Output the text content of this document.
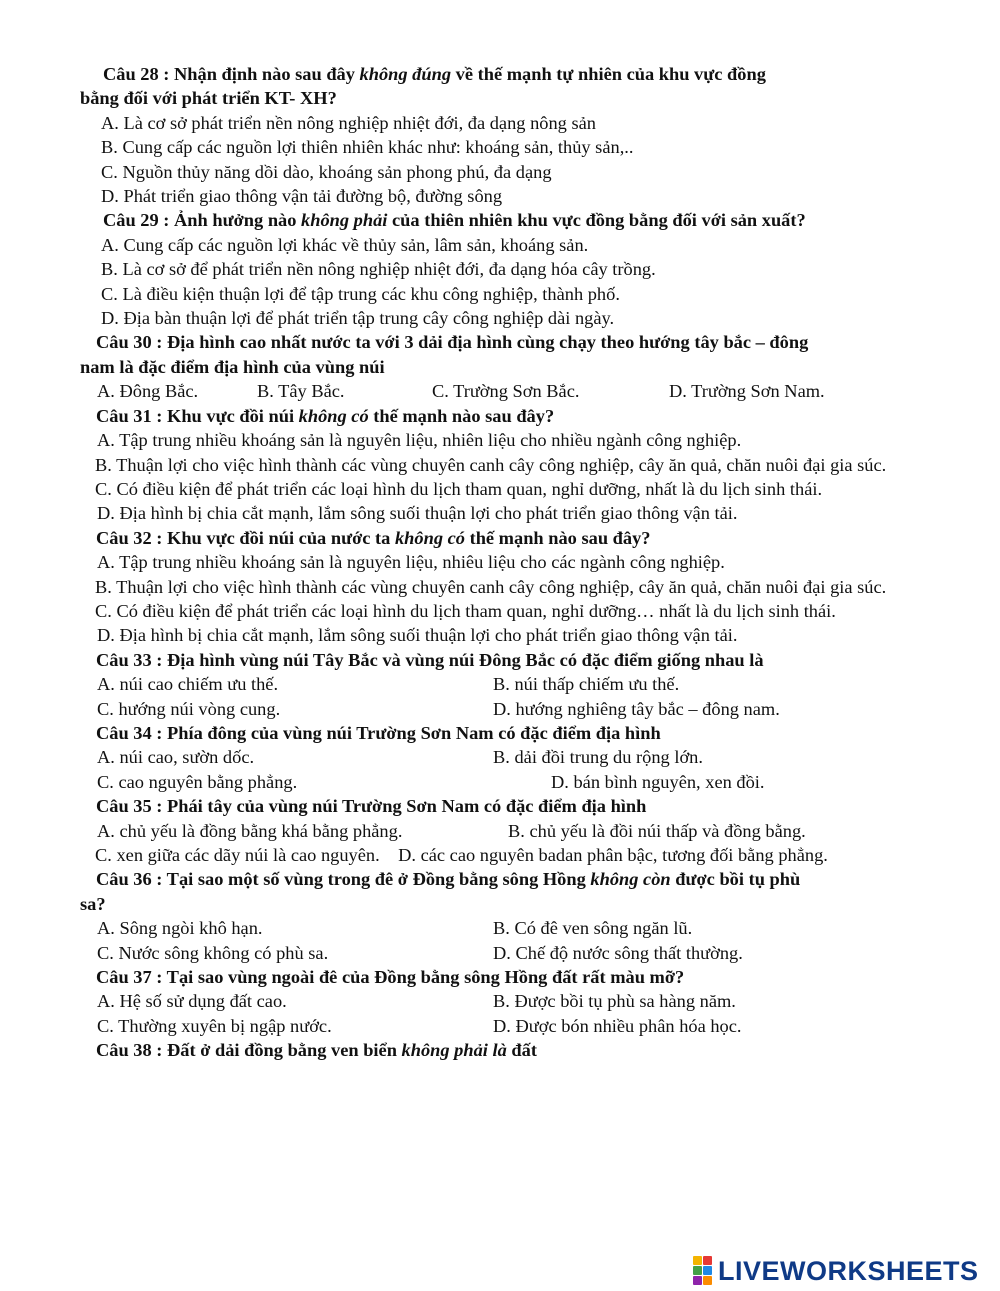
Câu 28 : Nhận định nào sau đây không đúng về thế mạnh tự nhiên của khu vực đồng
bằng đối với phát triển KT- XH?
A. Là cơ sở phát triển nền nông nghiệp nhiệt đới, đa dạng nông sản
B. Cung cấp các nguồn lợi thiên nhiên khác như: khoáng sản, thủy sản,..
C. Nguồn thủy năng dồi dào, khoáng sản phong phú, đa dạng
D. Phát triển giao thông vận tải đường bộ, đường sông
Câu 29 : Ảnh hưởng nào không phải của thiên nhiên khu vực đồng bằng đối với sản xuất?
A. Cung cấp các nguồn lợi khác về thủy sản, lâm sản, khoáng sản.
B. Là cơ sở để phát triển nền nông nghiệp nhiệt đới, đa dạng hóa cây trồng.
C. Là điều kiện thuận lợi để tập trung các khu công nghiệp, thành phố.
D. Địa bàn thuận lợi để phát triển tập trung cây công nghiệp dài ngày.
Câu 30 : Địa hình cao nhất nước ta với 3 dải địa hình cùng chạy theo hướng tây bắc – đông
nam là đặc điểm địa hình của vùng núi
A. Đông Bắc.	B. Tây Bắc.	C. Trường Sơn Bắc.	D. Trường Sơn Nam.
Câu 31 : Khu vực đồi núi không có thế mạnh nào sau đây?
A. Tập trung nhiều khoáng sản là nguyên liệu, nhiên liệu cho nhiều ngành công nghiệp.
B. Thuận lợi cho việc hình thành các vùng chuyên canh cây công nghiệp, cây ăn quả, chăn nuôi đại gia súc.
C. Có điều kiện để phát triển các loại hình du lịch tham quan, nghỉ dưỡng, nhất là du lịch sinh thái.
D. Địa hình bị chia cắt mạnh, lắm sông suối thuận lợi cho phát triển giao thông vận tải.
Câu 32 : Khu vực đồi núi của nước ta không có thế mạnh nào sau đây?
A. Tập trung nhiều khoáng sản là nguyên liệu, nhiêu liệu cho các ngành công nghiệp.
B. Thuận lợi cho việc hình thành các vùng chuyên canh cây công nghiệp, cây ăn quả, chăn nuôi đại gia súc.
C. Có điều kiện để phát triển các loại hình du lịch tham quan, nghỉ dưỡng… nhất là du lịch sinh thái.
D. Địa hình bị chia cắt mạnh, lắm sông suối thuận lợi cho phát triển giao thông vận tải.
Câu 33 : Địa hình vùng núi Tây Bắc và vùng núi Đông Bắc có đặc điểm giống nhau là
A. núi cao chiếm ưu thế.	B. núi thấp chiếm ưu thế.
C. hướng núi vòng cung.	D. hướng nghiêng tây bắc – đông nam.
Câu 34 : Phía đông của vùng núi Trường Sơn Nam có đặc điểm địa hình
A. núi cao, sườn dốc.	B. dải đồi trung du rộng lớn.
C. cao nguyên bằng phẳng.	D. bán bình nguyên, xen đồi.
Câu 35 : Phái tây của vùng núi Trường Sơn Nam có đặc điểm địa hình
A. chủ yếu là đồng bằng khá bằng phẳng.	B. chủ yếu là đồi núi thấp và đồng bằng.
C. xen giữa các dãy núi là cao nguyên.    D. các cao nguyên badan phân bậc, tương đối bằng phẳng.
Câu 36 : Tại sao một số vùng trong đê ở Đồng bằng sông Hồng không còn được bồi tụ phù
sa?
A. Sông ngòi khô hạn.	B. Có đê ven sông ngăn lũ.
C. Nước sông không có phù sa.	D. Chế độ nước sông thất thường.
Câu 37 : Tại sao vùng ngoài đê của Đồng bằng sông Hồng đất rất màu mỡ?
A. Hệ số sử dụng đất cao.	B. Được bồi tụ phù sa hàng năm.
C. Thường xuyên bị ngập nước.	D. Được bón nhiều phân hóa học.
Câu 38 : Đất ở dải đồng bằng ven biển không phải là đất
LIVEWORKSHEETS
